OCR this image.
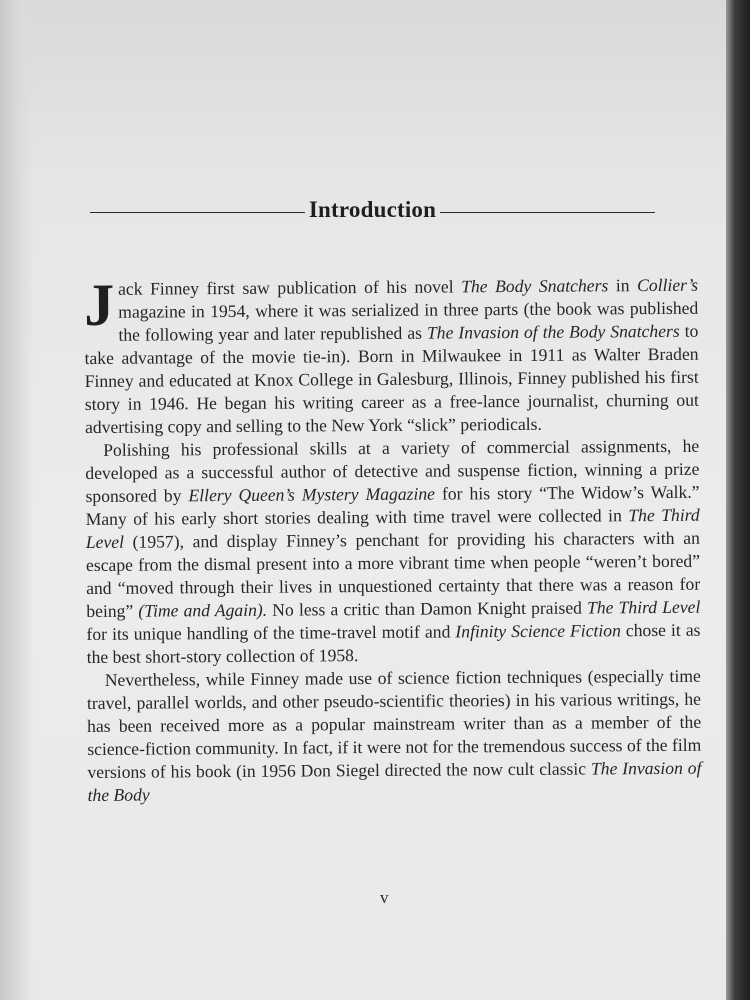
Introduction

Jack Finney first saw publication of his novel The Body Snatchers in Collier’s magazine in 1954, where it was serialized in three parts (the book was published the following year and later republished as The Invasion of the Body Snatchers to take advantage of the movie tie-in). Born in Milwaukee in 1911 as Walter Braden Finney and educated at Knox College in Galesburg, Illinois, Finney published his first story in 1946. He began his writing career as a free-lance journalist, churning out advertising copy and selling to the New York “slick” periodicals.

Polishing his professional skills at a variety of commercial assignments, he developed as a successful author of detective and suspense fiction, winning a prize sponsored by Ellery Queen’s Mystery Magazine for his story “The Widow’s Walk.” Many of his early short stories dealing with time travel were collected in The Third Level (1957), and display Finney’s penchant for providing his characters with an escape from the dismal present into a more vibrant time when people “weren’t bored” and “moved through their lives in unquestioned certainty that there was a reason for being” (Time and Again). No less a critic than Damon Knight praised The Third Level for its unique handling of the time-travel motif and Infinity Science Fiction chose it as the best short-story collection of 1958.

Nevertheless, while Finney made use of science fiction techniques (especially time travel, parallel worlds, and other pseudo-scientific theories) in his various writings, he has been received more as a popular mainstream writer than as a member of the science-fiction community. In fact, if it were not for the tremendous success of the film versions of his book (in 1956 Don Siegel directed the now cult classic The Invasion of the Body

v
